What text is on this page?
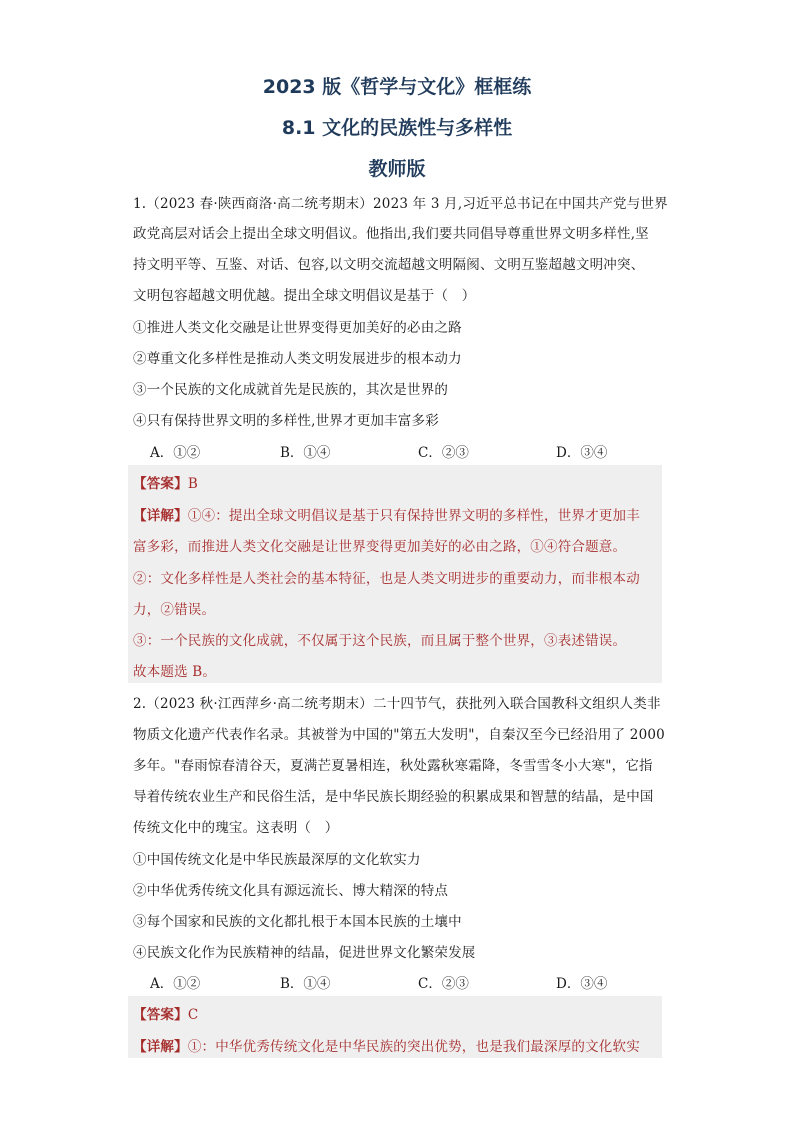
2023 版《哲学与文化》框框练
8.1 文化的民族性与多样性
教师版
1.（2023 春·陕西商洛·高二统考期末）2023 年 3 月,习近平总书记在中国共产党与世界
政党高层对话会上提出全球文明倡议。他指出,我们要共同倡导尊重世界文明多样性,坚
持文明平等、互鉴、对话、包容,以文明交流超越文明隔阂、文明互鉴超越文明冲突、
文明包容超越文明优越。提出全球文明倡议是基于（　）
①推进人类文化交融是让世界变得更加美好的必由之路
②尊重文化多样性是推动人类文明发展进步的根本动力
③一个民族的文化成就首先是民族的，其次是世界的
④只有保持世界文明的多样性,世界才更加丰富多彩
A．①②	B．①④	C．②③	D．③④
【答案】B
【详解】①④：提出全球文明倡议是基于只有保持世界文明的多样性，世界才更加丰
富多彩，而推进人类文化交融是让世界变得更加美好的必由之路，①④符合题意。
②：文化多样性是人类社会的基本特征，也是人类文明进步的重要动力，而非根本动
力，②错误。
③：一个民族的文化成就，不仅属于这个民族，而且属于整个世界，③表述错误。
故本题选 B。
2.（2023 秋·江西萍乡·高二统考期末）二十四节气，获批列入联合国教科文组织人类非
物质文化遗产代表作名录。其被誉为中国的"第五大发明"，自秦汉至今已经沿用了 2000
多年。"春雨惊春清谷天，夏满芒夏暑相连，秋处露秋寒霜降，冬雪雪冬小大寒"，它指
导着传统农业生产和民俗生活，是中华民族长期经验的积累成果和智慧的结晶，是中国
传统文化中的瑰宝。这表明（　）
①中国传统文化是中华民族最深厚的文化软实力
②中华优秀传统文化具有源远流长、博大精深的特点
③每个国家和民族的文化都扎根于本国本民族的土壤中
④民族文化作为民族精神的结晶，促进世界文化繁荣发展
A．①②	B．①④	C．②③	D．③④
【答案】C
【详解】①：中华优秀传统文化是中华民族的突出优势，也是我们最深厚的文化软实
